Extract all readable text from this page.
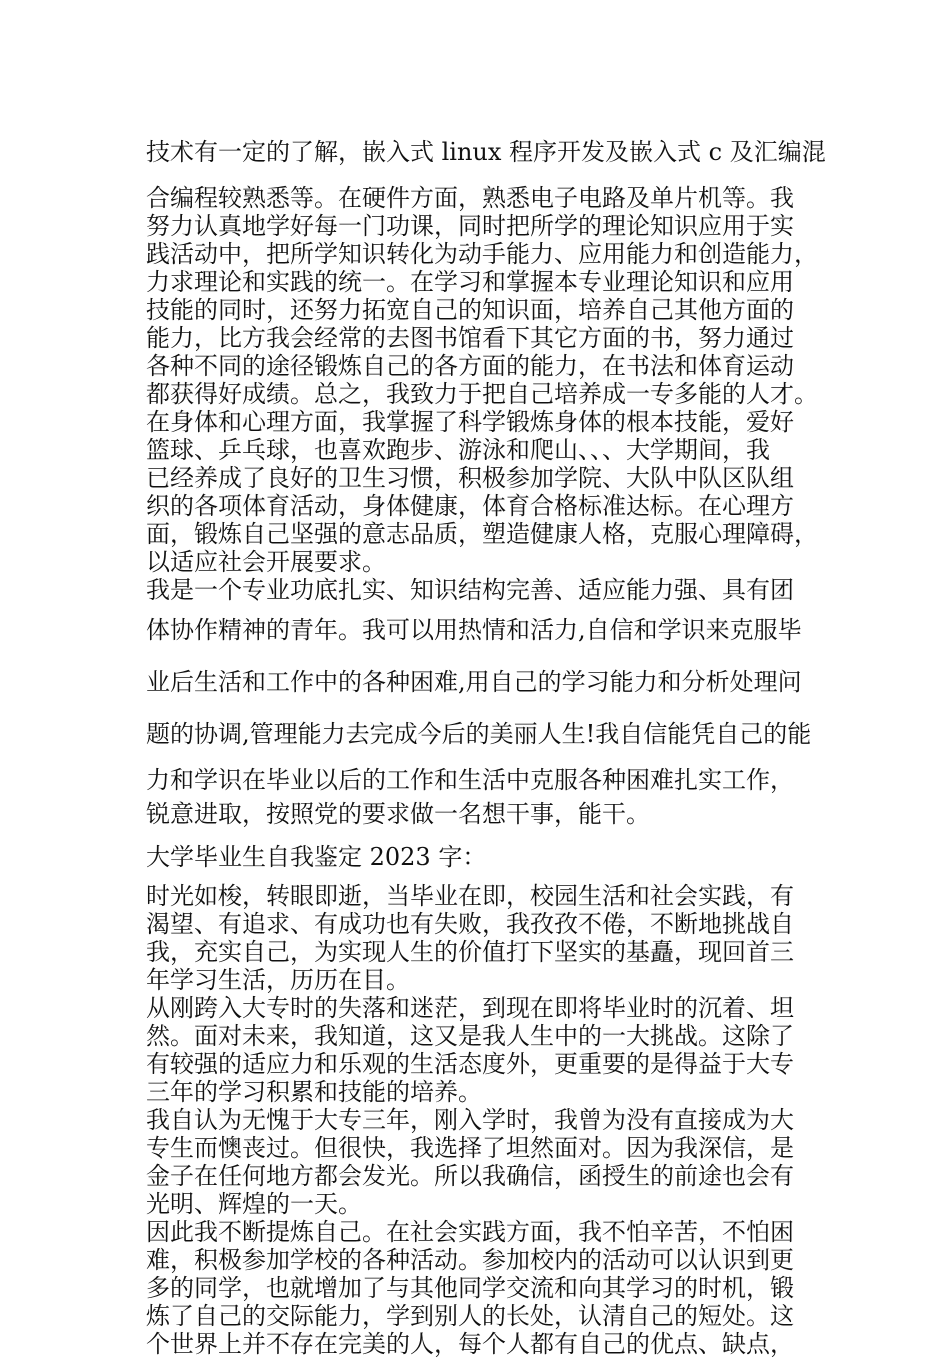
技术有一定的了解，嵌入式 linux 程序开发及嵌入式 c 及汇编混
合编程较熟悉等。在硬件方面，熟悉电子电路及单片机等。我
努力认真地学好每一门功课，同时把所学的理论知识应用于实
践活动中，把所学知识转化为动手能力、应用能力和创造能力，
力求理论和实践的统一。在学习和掌握本专业理论知识和应用
技能的同时，还努力拓宽自己的知识面，培养自己其他方面的
能力，比方我会经常的去图书馆看下其它方面的书，努力通过
各种不同的途径锻炼自己的各方面的能力，在书法和体育运动
都获得好成绩。总之，我致力于把自己培养成一专多能的人才。
在身体和心理方面，我掌握了科学锻炼身体的根本技能，爱好
篮球、乒乓球，也喜欢跑步、游泳和爬山、、、大学期间，我
已经养成了良好的卫生习惯，积极参加学院、大队中队区队组
织的各项体育活动，身体健康，体育合格标准达标。在心理方
面，锻炼自己坚强的意志品质，塑造健康人格，克服心理障碍，
以适应社会开展要求。
我是一个专业功底扎实、知识结构完善、适应能力强、具有团
体协作精神的青年。我可以用热情和活力,自信和学识来克服毕
业后生活和工作中的各种困难,用自己的学习能力和分析处理问
题的协调,管理能力去完成今后的美丽人生!我自信能凭自己的能
力和学识在毕业以后的工作和生活中克服各种困难扎实工作，
锐意进取，按照党的要求做一名想干事，能干。
大学毕业生自我鉴定 2023 字：
时光如梭，转眼即逝，当毕业在即，校园生活和社会实践，有
渴望、有追求、有成功也有失败，我孜孜不倦，不断地挑战自
我，充实自己，为实现人生的价值打下坚实的基矗，现回首三
年学习生活，历历在目。
从刚跨入大专时的失落和迷茫，到现在即将毕业时的沉着、坦
然。面对未来，我知道，这又是我人生中的一大挑战。这除了
有较强的适应力和乐观的生活态度外，更重要的是得益于大专
三年的学习积累和技能的培养。
我自认为无愧于大专三年，刚入学时，我曾为没有直接成为大
专生而懊丧过。但很快，我选择了坦然面对。因为我深信，是
金子在任何地方都会发光。所以我确信，函授生的前途也会有
光明、辉煌的一天。
因此我不断提炼自己。在社会实践方面，我不怕辛苦，不怕困
难，积极参加学校的各种活动。参加校内的活动可以认识到更
多的同学，也就增加了与其他同学交流和向其学习的时机，锻
炼了自己的交际能力，学到别人的长处，认清自己的短处。这
个世界上并不存在完美的人，每个人都有自己的优点、缺点，
